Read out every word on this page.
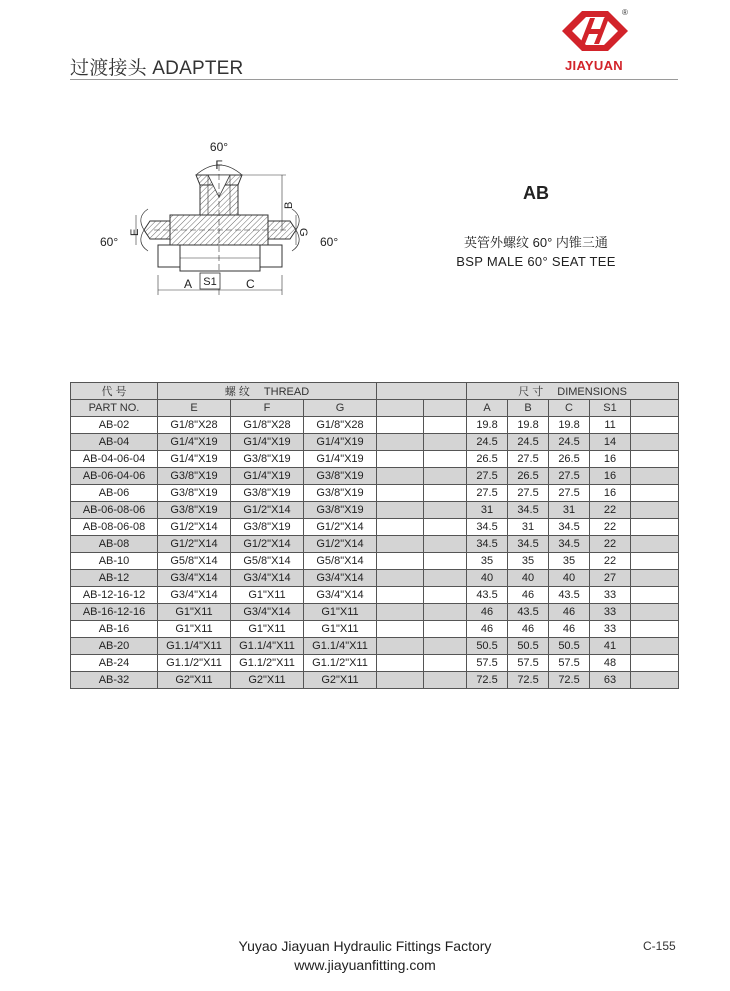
过渡接头 ADAPTER
®
JIAYUAN
60°
F
60°
E
60°
G
B
A S1 C
AB
英管外螺纹 60° 内锥三通
BSP MALE 60° SEAT TEE
代 号	螺 纹 THREAD					尺 寸 DIMENSIONS				
PART NO.	E	F	G			A	B	C	S1	
AB-02	G1/8"X28	G1/8"X28	G1/8"X28			19.8	19.8	19.8	11	
AB-04	G1/4"X19	G1/4"X19	G1/4"X19			24.5	24.5	24.5	14	
AB-04-06-04	G1/4"X19	G3/8"X19	G1/4"X19			26.5	27.5	26.5	16	
AB-06-04-06	G3/8"X19	G1/4"X19	G3/8"X19			27.5	26.5	27.5	16	
AB-06	G3/8"X19	G3/8"X19	G3/8"X19			27.5	27.5	27.5	16	
AB-06-08-06	G3/8"X19	G1/2"X14	G3/8"X19			31	34.5	31	22	
AB-08-06-08	G1/2"X14	G3/8"X19	G1/2"X14			34.5	31	34.5	22	
AB-08	G1/2"X14	G1/2"X14	G1/2"X14			34.5	34.5	34.5	22	
AB-10	G5/8"X14	G5/8"X14	G5/8"X14			35	35	35	22	
AB-12	G3/4"X14	G3/4"X14	G3/4"X14			40	40	40	27	
AB-12-16-12	G3/4"X14	G1"X11	G3/4"X14			43.5	46	43.5	33	
AB-16-12-16	G1"X11	G3/4"X14	G1"X11			46	43.5	46	33	
AB-16	G1"X11	G1"X11	G1"X11			46	46	46	33	
AB-20	G1.1/4"X11	G1.1/4"X11	G1.1/4"X11			50.5	50.5	50.5	41	
AB-24	G1.1/2"X11	G1.1/2"X11	G1.1/2"X11			57.5	57.5	57.5	48	
AB-32	G2"X11	G2"X11	G2"X11			72.5	72.5	72.5	63	
Yuyao Jiayuan Hydraulic Fittings Factory
www.jiayuanfitting.com
C-155
